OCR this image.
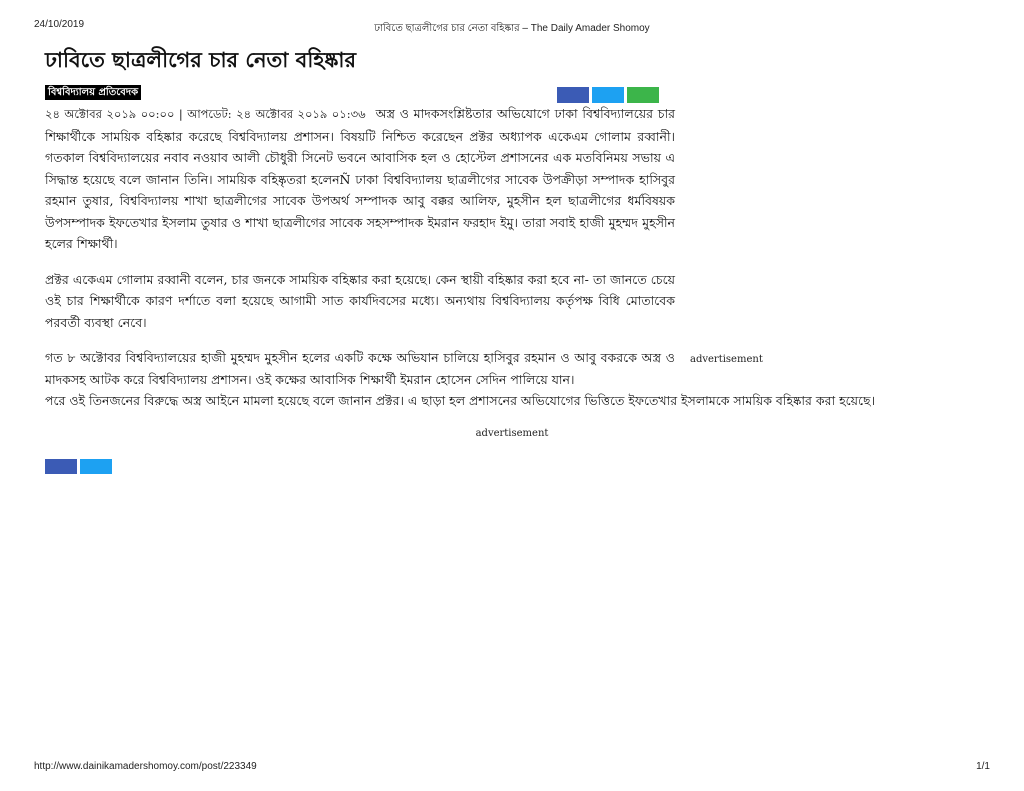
24/10/2019	ঢাবিতে ছাত্রলীগের চার নেতা বহিষ্কার – The Daily Amader Shomoy
ঢাবিতে ছাত্রলীগের চার নেতা বহিষ্কার
বিশ্ববিদ্যালয় প্রতিবেদক

২৪ অক্টোবর ২০১৯ ০০:০০ | আপডেট: ২৪ অক্টোবর ২০১৯ ০১:৩৬ অস্ত্র ও মাদকসংশ্লিষ্টতার অভিযোগে ঢাকা বিশ্ববিদ্যালয়ের চার শিক্ষার্থীকে সাময়িক বহিষ্কার করেছে বিশ্ববিদ্যালয় প্রশাসন। বিষয়টি নিশ্চিত করেছেন প্রক্টর অধ্যাপক একেএম গোলাম রব্বানী। গতকাল বিশ্ববিদ্যালয়ের নবাব নওয়াব আলী চৌধুরী সিনেট ভবনে আবাসিক হল ও হোস্টেল প্রশাসনের এক মতবিনিময় সভায় এ সিদ্ধান্ত হয়েছে বলে জানান তিনি। সাময়িক বহিষ্কৃতরা হলেনÑ ঢাকা বিশ্ববিদ্যালয় ছাত্রলীগের সাবেক উপক্রীড়া সম্পাদক হাসিবুর রহমান তুষার, বিশ্ববিদ্যালয় শাখা ছাত্রলীগের সাবেক উপঅর্থ সম্পাদক আবু বক্কর আলিফ, মুহসীন হল ছাত্রলীগের ধর্মবিষয়ক উপসম্পাদক ইফতেখার ইসলাম তুষার ও শাখা ছাত্রলীগের সাবেক সহসম্পাদক ইমরান ফরহাদ ইমু। তারা সবাই হাজী মুহম্মদ মুহসীন হলের শিক্ষার্থী।

প্রক্টর একেএম গোলাম রব্বানী বলেন, চার জনকে সাময়িক বহিষ্কার করা হয়েছে। কেন স্থায়ী বহিষ্কার করা হবে না- তা জানতে চেয়ে ওই চার শিক্ষার্থীকে কারণ দর্শাতে বলা হয়েছে আগামী সাত কার্যদিবসের মধ্যে। অন্যথায় বিশ্ববিদ্যালয় কর্তৃপক্ষ বিধি মোতাবেক পরবর্তী ব্যবস্থা নেবে।

গত ৮ অক্টোবর বিশ্ববিদ্যালয়ের হাজী মুহম্মদ মুহসীন হলের একটি কক্ষে অভিযান চালিয়ে হাসিবুর রহমান ও আবু বকরকে অস্ত্র ও মাদকসহ আটক করে বিশ্ববিদ্যালয় প্রশাসন। ওই কক্ষের আবাসিক শিক্ষার্থী ইমরান হোসেন সেদিন পালিয়ে যান।
পরে ওই তিনজনের বিরুদ্ধে অস্ত্র আইনে মামলা হয়েছে বলে জানান প্রক্টর। এ ছাড়া হল প্রশাসনের অভিযোগের ভিত্তিতে ইফতেখার ইসলামকে সাময়িক বহিষ্কার করা হয়েছে।

advertisement
advertisement
http://www.dainikamadershomoy.com/post/223349	1/1
